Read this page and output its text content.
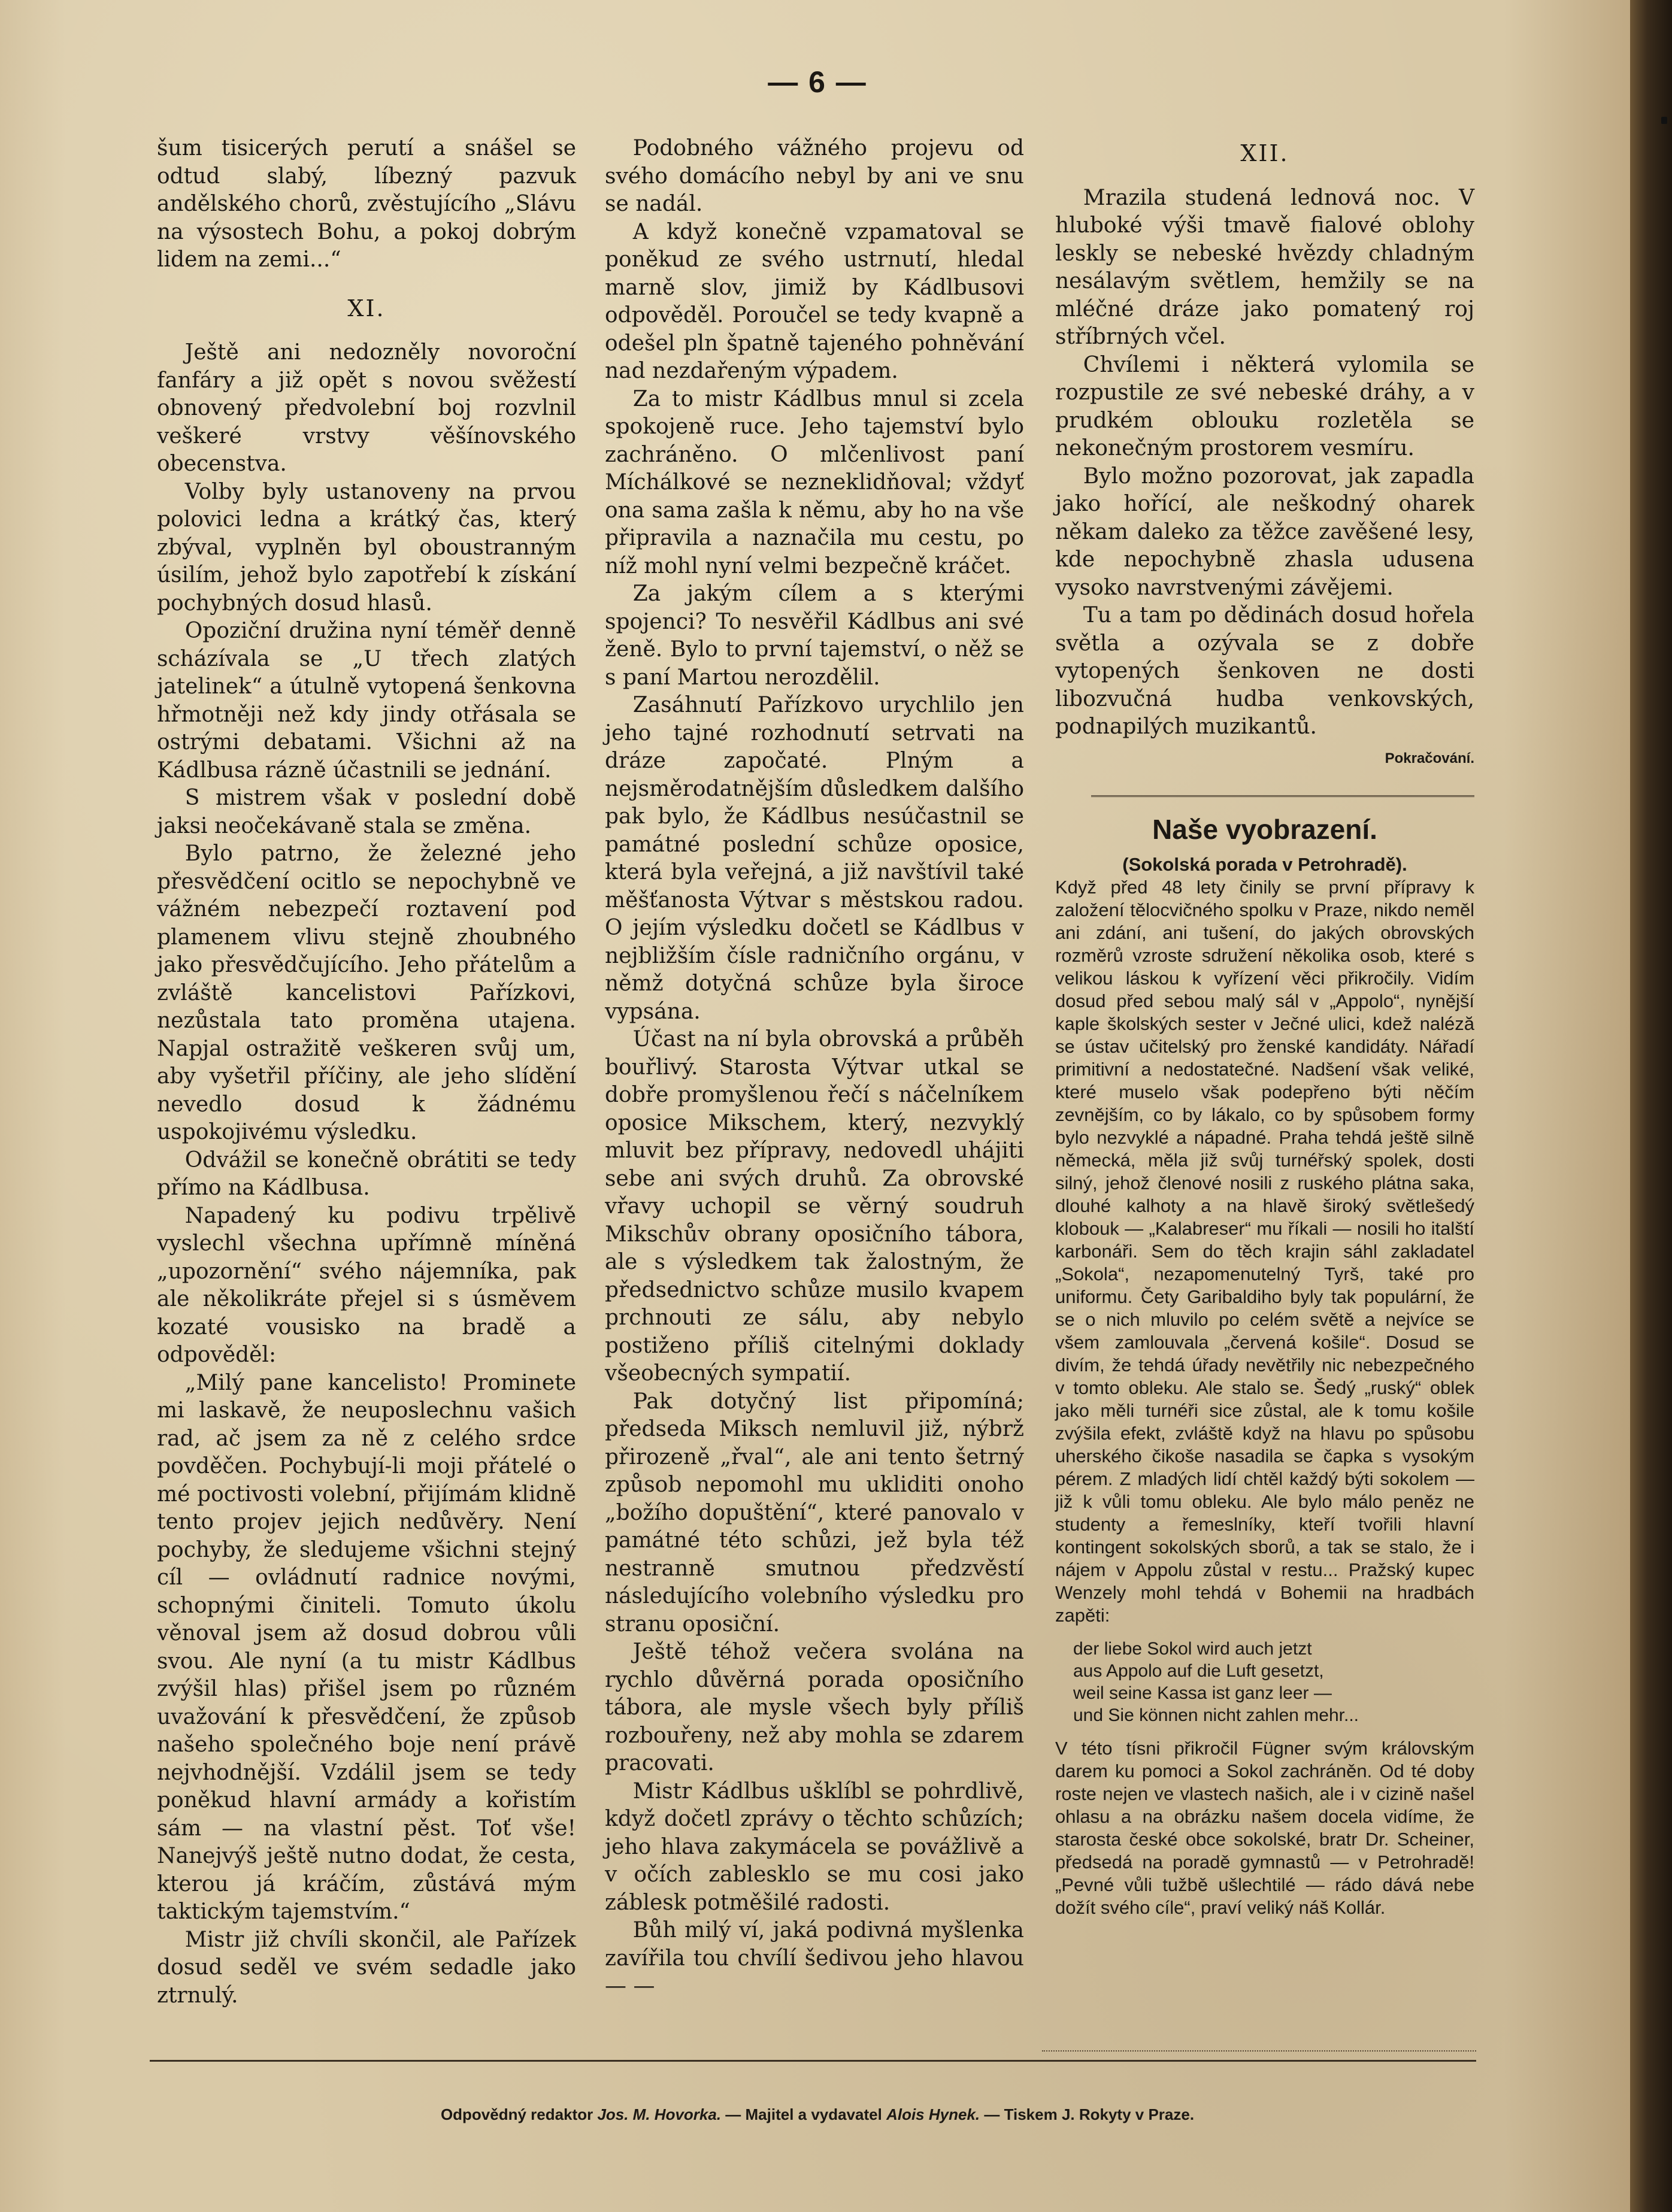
— 6 —

šum tisicerých perutí a snášel se odtud slabý, líbezný pazvuk andělského chorů, zvěstujícího „Slávu na výsostech Bohu, a pokoj dobrým lidem na zemi...“

XI.

Ještě ani nedozněly novoroční fanfáry a již opět s novou svěžestí obnovený předvolební boj rozvlnil veškeré vrstvy věšínovského obecenstva.

Volby byly ustanoveny na prvou polovici ledna a krátký čas, který zbýval, vyplněn byl oboustranným úsilím, jehož bylo zapotřebí k získání pochybných dosud hlasů.

Opoziční družina nyní téměř denně scházívala se „U třech zlatých jatelinek“ a útulně vytopená šenkovna hřmotněji než kdy jindy otřásala se ostrými debatami. Všichni až na Kádlbusa rázně účastnili se jednání.

S mistrem však v poslední době jaksi neočekávaně stala se změna.

Bylo patrno, že železné jeho přesvědčení ocitlo se nepochybně ve vážném nebezpečí roztavení pod plamenem vlivu stejně zhoubného jako přesvědčujícího. Jeho přátelům a zvláště kancelistovi Pařízkovi, nezůstala tato proměna utajena. Napjal ostražitě veškeren svůj um, aby vyšetřil příčiny, ale jeho slídění nevedlo dosud k žádnému uspokojivému výsledku.

Odvážil se konečně obrátiti se tedy přímo na Kádlbusa.

Napadený ku podivu trpělivě vyslechl všechna upřímně míněná „upozornění“ svého nájemníka, pak ale několikráte přejel si s úsměvem kozaté vousisko na bradě a odpověděl:

„Milý pane kancelisto! Prominete mi laskavě, že neuposlechnu vašich rad, ač jsem za ně z celého srdce povděčen. Pochybují-li moji přátelé o mé poctivosti volební, přijímám klidně tento projev jejich nedůvěry. Není pochyby, že sledujeme všichni stejný cíl — ovládnutí radnice novými, schopnými činiteli. Tomuto úkolu věnoval jsem až dosud dobrou vůli svou. Ale nyní (a tu mistr Kádlbus zvýšil hlas) přišel jsem po různém uvažování k přesvědčení, že způsob našeho společného boje není právě nejvhodnější. Vzdálil jsem se tedy poněkud hlavní armády a kořistím sám — na vlastní pěst. Toť vše! Nanejvýš ještě nutno dodat, že cesta, kterou já kráčím, zůstává mým taktickým tajemstvím.“

Mistr již chvíli skončil, ale Pařízek dosud seděl ve svém sedadle jako ztrnulý.

Podobného vážného projevu od svého domácího nebyl by ani ve snu se nadál.

A když konečně vzpamatoval se poněkud ze svého ustrnutí, hledal marně slov, jimiž by Kádlbusovi odpověděl. Poroučel se tedy kvapně a odešel pln špatně tajeného pohněvání nad nezdařeným výpadem.

Za to mistr Kádlbus mnul si zcela spokojeně ruce. Jeho tajemství bylo zachráněno. O mlčenlivost paní Míchálkové se nezneklidňoval; vždyť ona sama zašla k němu, aby ho na vše připravila a naznačila mu cestu, po níž mohl nyní velmi bezpečně kráčet.

Za jakým cílem a s kterými spojenci? To nesvěřil Kádlbus ani své ženě. Bylo to první tajemství, o něž se s paní Martou nerozdělil.

Zasáhnutí Pařízkovo urychlilo jen jeho tajné rozhodnutí setrvati na dráze započaté. Plným a nejsměrodatnějším důsledkem dalšího pak bylo, že Kádlbus nesúčastnil se památné poslední schůze oposice, která byla veřejná, a již navštívil také měšťanosta Výtvar s městskou radou. O jejím výsledku dočetl se Kádlbus v nejbližším čísle radničního orgánu, v němž dotyčná schůze byla široce vypsána.

Účast na ní byla obrovská a průběh bouřlivý. Starosta Výtvar utkal se dobře promyšlenou řečí s náčelníkem oposice Mikschem, který, nezvyklý mluvit bez přípravy, nedovedl uhájiti sebe ani svých druhů. Za obrovské vřavy uchopil se věrný soudruh Mikschův obrany oposičního tábora, ale s výsledkem tak žalostným, že předsednictvo schůze musilo kvapem prchnouti ze sálu, aby nebylo postiženo příliš citelnými doklady všeobecných sympatií.

Pak dotyčný list připomíná; předseda Miksch nemluvil již, nýbrž přirozeně „řval“, ale ani tento šetrný způsob nepomohl mu ukliditi onoho „božího dopuštění“, které panovalo v památné této schůzi, jež byla též nestranně smutnou předzvěstí následujícího volebního výsledku pro stranu oposiční.

Ještě téhož večera svolána na rychlo důvěrná porada oposičního tábora, ale mysle všech byly příliš rozbouřeny, než aby mohla se zdarem pracovati.

Mistr Kádlbus ušklíbl se pohrdlivě, když dočetl zprávy o těchto schůzích; jeho hlava zakymácela se povážlivě a v očích zablesklo se mu cosi jako záblesk potměšilé radosti.

Bůh milý ví, jaká podivná myšlenka zavířila tou chvílí šedivou jeho hlavou — —

XII.

Mrazila studená lednová noc. V hluboké výši tmavě fialové oblohy leskly se nebeské hvězdy chladným nesálavým světlem, hemžily se na mléčné dráze jako pomatený roj stříbrných včel.

Chvílemi i některá vylomila se rozpustile ze své nebeské dráhy, a v prudkém oblouku rozletěla se nekonečným prostorem vesmíru.

Bylo možno pozorovat, jak zapadla jako hořící, ale neškodný oharek někam daleko za těžce zavěšené lesy, kde nepochybně zhasla udusena vysoko navrstvenými závějemi.

Tu a tam po dědinách dosud hořela světla a ozývala se z dobře vytopených šenkoven ne dosti libozvučná hudba venkovských, podnapilých muzikantů.

Pokračování.
Naše vyobrazení.

(Sokolská porada v Petrohradě).

Když před 48 lety činily se první přípravy k založení tělocvičného spolku v Praze, nikdo neměl ani zdání, ani tušení, do jakých obrovských rozměrů vzroste sdružení několika osob, které s velikou láskou k vyřízení věci přikročily. Vidím dosud před sebou malý sál v „Appolo“, nynější kaple školských sester v Ječné ulici, kdež naléză se ústav učitelský pro ženské kandidáty. Nářadí primitivní a nedostatečné. Nadšení však veliké, které muselo však podepřeno býti něčím zevnějším, co by lákalo, co by spůsobem formy bylo nezvyklé a nápadné. Praha tehdá ještě silně německá, měla již svůj turnéřský spolek, dosti silný, jehož členové nosili z ruského plátna saka, dlouhé kalhoty a na hlavě široký světlešedý klobouk — „Kalabreser“ mu říkali — nosili ho italští karbonáři. Sem do těch krajin sáhl zakladatel „Sokola“, nezapomenutelný Tyrš, také pro uniformu. Čety Garibaldiho byly tak populární, že se o nich mluvilo po celém světě a nejvíce se všem zamlouvala „červená košile“. Dosud se divím, že tehdá úřady nevětřily nic nebezpečného v tomto obleku. Ale stalo se. Šedý „ruský“ oblek jako měli turnéři sice zůstal, ale k tomu košile zvýšila efekt, zvláště když na hlavu po spůsobu uherského čikoše nasadila se čapka s vysokým pérem. Z mladých lidí chtěl každý býti sokolem — již k vůli tomu obleku. Ale bylo málo peněz ne studenty a řemeslníky, kteří tvořili hlavní kontingent sokolských sborů, a tak se stalo, že i nájem v Appolu zůstal v restu... Pražský kupec Wenzely mohl tehdá v Bohemii na hradbách zapěti:

der liebe Sokol wird auch jetzt
aus Appolo auf die Luft gesetzt,
weil seine Kassa ist ganz leer —
und Sie können nicht zahlen mehr...

V této tísni přikročil Fügner svým královským darem ku pomoci a Sokol zachráněn. Od té doby roste nejen ve vlastech našich, ale i v cizině našel ohlasu a na obrázku našem docela vidíme, že starosta české obce sokolské, bratr Dr. Scheiner, předsedá na poradě gymnastů — v Petrohradě! „Pevné vůli tužbě ušlechtilé — rádo dává nebe dožít svého cíle“, praví veliký náš Kollár.

Odpovědný redaktor Jos. M. Hovorka. — Majitel a vydavatel Alois Hynek. — Tiskem J. Rokyty v Praze.
